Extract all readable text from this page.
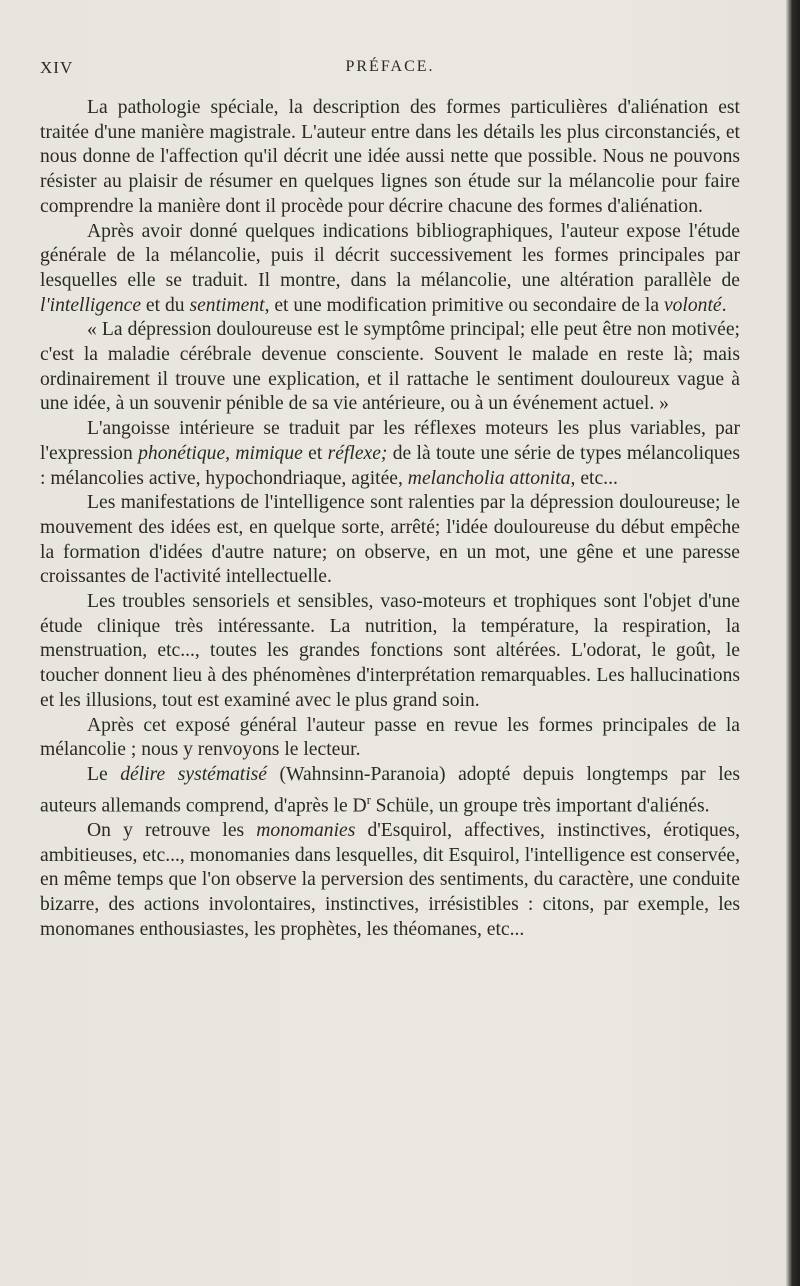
XIV	PRÉFACE.

La pathologie spéciale, la description des formes particulières d'aliénation est traitée d'une manière magistrale. L'auteur entre dans les détails les plus circonstanciés, et nous donne de l'affection qu'il décrit une idée aussi nette que possible. Nous ne pouvons résister au plaisir de résumer en quelques lignes son étude sur la mélancolie pour faire comprendre la manière dont il procède pour décrire chacune des formes d'aliénation.

Après avoir donné quelques indications bibliographiques, l'auteur expose l'étude générale de la mélancolie, puis il décrit successivement les formes principales par lesquelles elle se traduit. Il montre, dans la mélancolie, une altération parallèle de l'intelligence et du sentiment, et une modification primitive ou secondaire de la volonté.

« La dépression douloureuse est le symptôme principal; elle peut être non motivée; c'est la maladie cérébrale devenue consciente. Souvent le malade en reste là; mais ordinairement il trouve une explication, et il rattache le sentiment douloureux vague à une idée, à un souvenir pénible de sa vie antérieure, ou à un événement actuel. »

L'angoisse intérieure se traduit par les réflexes moteurs les plus variables, par l'expression phonétique, mimique et réflexe; de là toute une série de types mélancoliques : mélancolies active, hypochondriaque, agitée, melancholia attonita, etc...

Les manifestations de l'intelligence sont ralenties par la dépression douloureuse; le mouvement des idées est, en quelque sorte, arrêté; l'idée douloureuse du début empêche la formation d'idées d'autre nature; on observe, en un mot, une gêne et une paresse croissantes de l'activité intellectuelle.

Les troubles sensoriels et sensibles, vaso-moteurs et trophiques sont l'objet d'une étude clinique très intéressante. La nutrition, la température, la respiration, la menstruation, etc..., toutes les grandes fonctions sont altérées. L'odorat, le goût, le toucher donnent lieu à des phénomènes d'interprétation remarquables. Les hallucinations et les illusions, tout est examiné avec le plus grand soin.

Après cet exposé général l'auteur passe en revue les formes principales de la mélancolie ; nous y renvoyons le lecteur.

Le délire systématisé (Wahnsinn-Paranoia) adopté depuis longtemps par les auteurs allemands comprend, d'après le $D^r$ Schüle, un groupe très important d'aliénés.

On y retrouve les monomanies d'Esquirol, affectives, instinctives, érotiques, ambitieuses, etc..., monomanies dans lesquelles, dit Esquirol, l'intelligence est conservée, en même temps que l'on observe la perversion des sentiments, du caractère, une conduite bizarre, des actions involontaires, instinctives, irrésistibles : citons, par exemple, les monomanes enthousiastes, les prophètes, les théomanes, etc...
